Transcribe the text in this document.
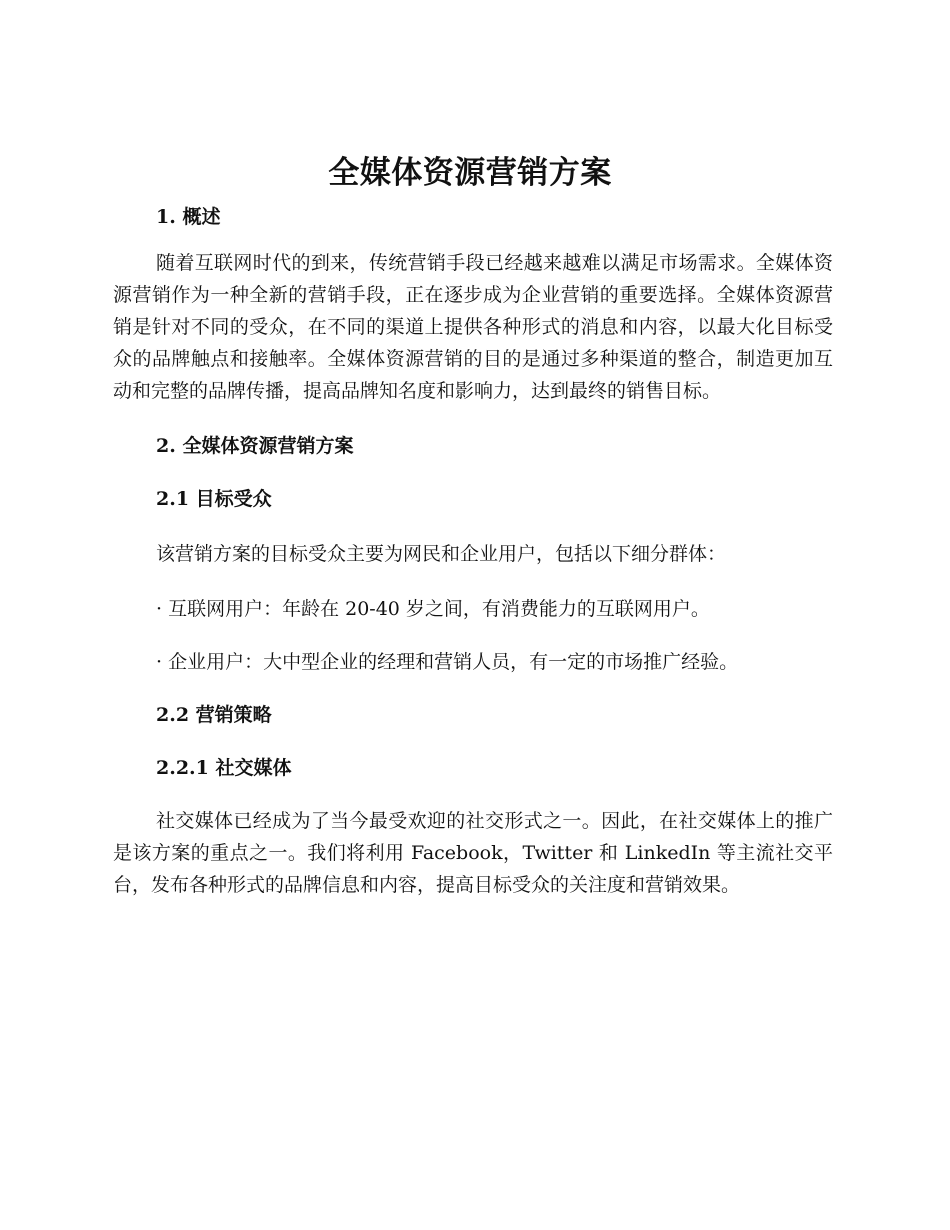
全媒体资源营销方案
1. 概述

随着互联网时代的到来，传统营销手段已经越来越难以满足市场需求。全媒体资源营销作为一种全新的营销手段，正在逐步成为企业营销的重要选择。全媒体资源营销是针对不同的受众，在不同的渠道上提供各种形式的消息和内容，以最大化目标受众的品牌触点和接触率。全媒体资源营销的目的是通过多种渠道的整合，制造更加互动和完整的品牌传播，提高品牌知名度和影响力，达到最终的销售目标。

2. 全媒体资源营销方案
2.1 目标受众

该营销方案的目标受众主要为网民和企业用户，包括以下细分群体：

· 互联网用户：年龄在 20-40 岁之间，有消费能力的互联网用户。

· 企业用户：大中型企业的经理和营销人员，有一定的市场推广经验。

2.2 营销策略
2.2.1 社交媒体

社交媒体已经成为了当今最受欢迎的社交形式之一。因此，在社交媒体上的推广是该方案的重点之一。我们将利用 Facebook，Twitter 和 LinkedIn 等主流社交平台，发布各种形式的品牌信息和内容，提高目标受众的关注度和营销效果。
